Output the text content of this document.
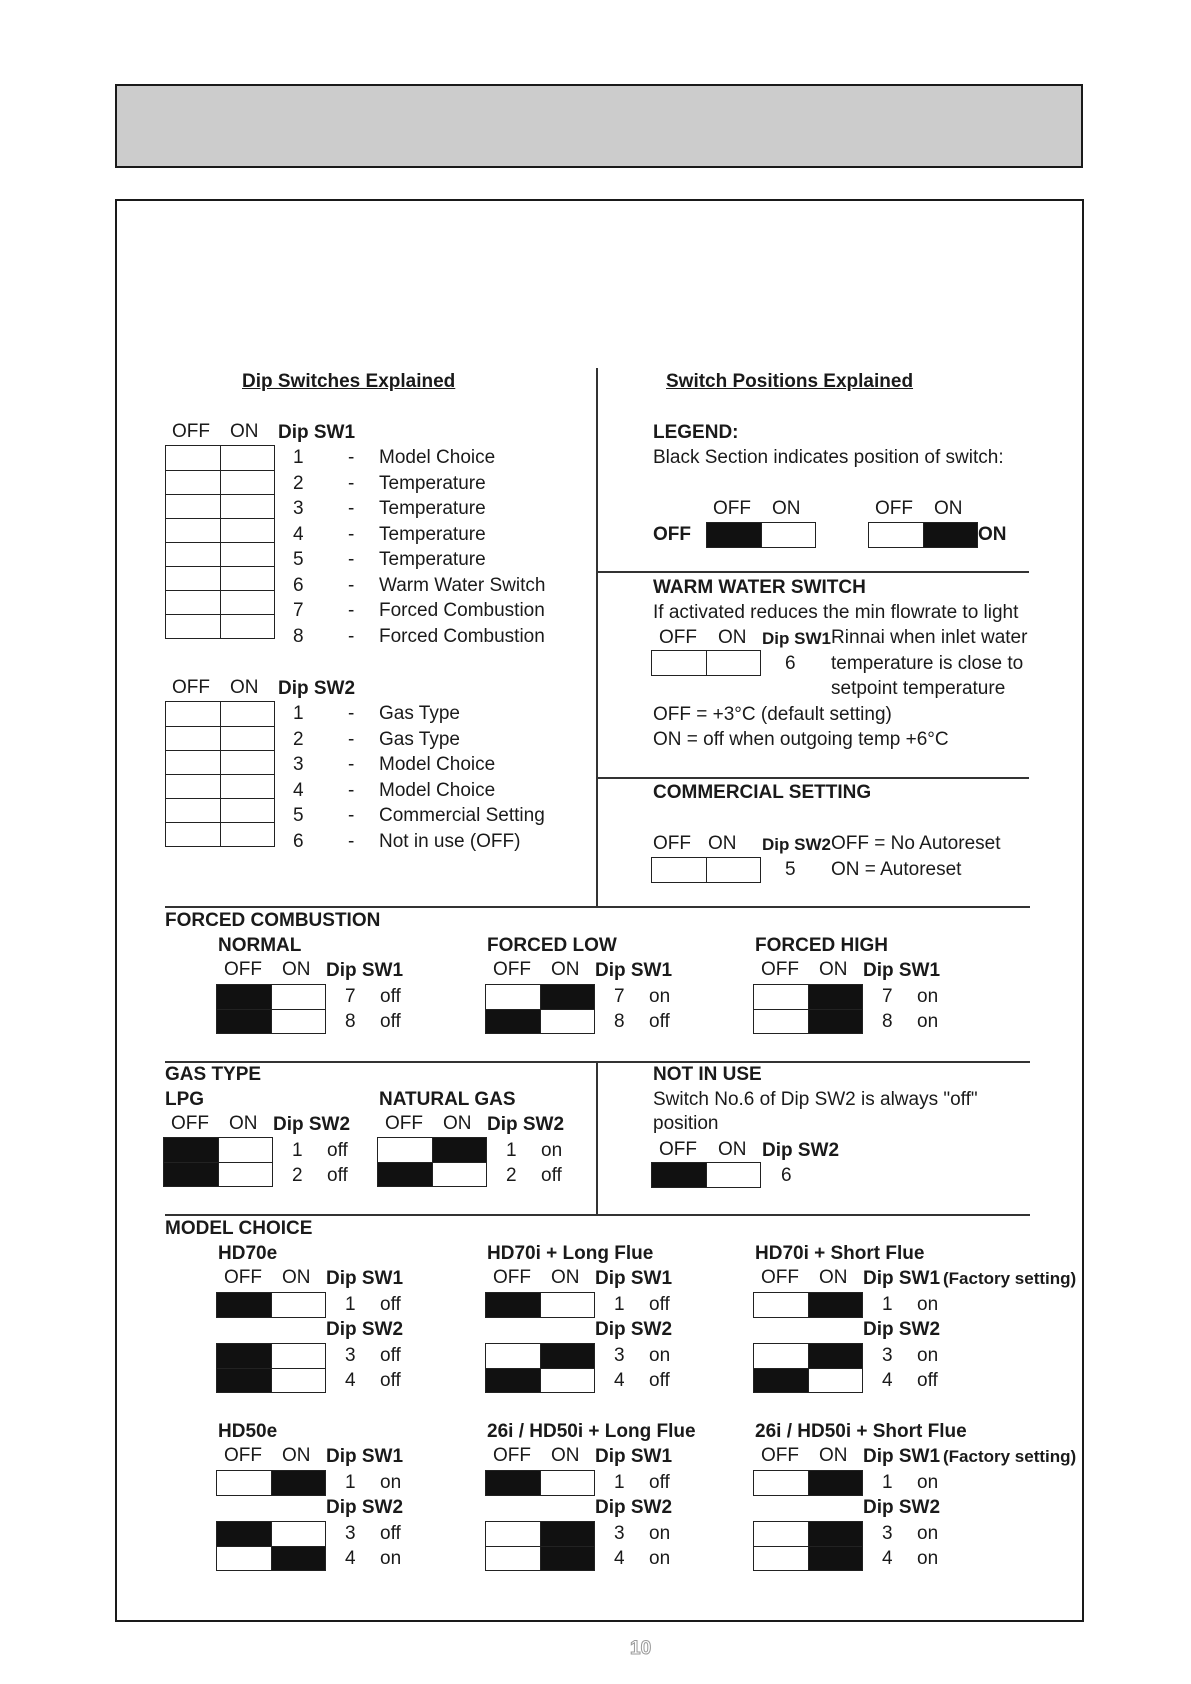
Dip Switches Explained
OFF ON Dip SW1
1 - Model Choice
2 - Temperature
3 - Temperature
4 - Temperature
5 - Temperature
6 - Warm Water Switch
7 - Forced Combustion
8 - Forced Combustion
OFF ON Dip SW2
1 - Gas Type
2 - Gas Type
3 - Model Choice
4 - Model Choice
5 - Commercial Setting
6 - Not in use (OFF)
Switch Positions Explained
LEGEND:
Black Section indicates position of switch:
OFF ON
OFF
OFF ON
ON
WARM WATER SWITCH
If activated reduces the min flowrate to light
OFF ON Dip SW1 Rinnai when inlet water
6 temperature is close to
setpoint temperature
OFF = +3°C (default setting)
ON = off when outgoing temp +6°C
COMMERCIAL SETTING
OFF ON Dip SW2 OFF = No Autoreset
5 ON = Autoreset
FORCED COMBUSTION
NORMAL
OFF ON Dip SW1
7 off
8 off
FORCED LOW
OFF ON Dip SW1
7 on
8 off
FORCED HIGH
OFF ON Dip SW1
7 on
8 on
GAS TYPE
LPG
OFF ON Dip SW2
1 off
2 off
NATURAL GAS
OFF ON Dip SW2
1 on
2 off
NOT IN USE
Switch No.6 of Dip SW2 is always "off"
position
OFF ON Dip SW2
6
MODEL CHOICE
HD70e
OFF ON Dip SW1
1 off
Dip SW2
3 off
4 off
HD70i + Long Flue
OFF ON Dip SW1
1 off
Dip SW2
3 on
4 off
HD70i + Short Flue
OFF ON Dip SW1 (Factory setting)
1 on
Dip SW2
3 on
4 off
HD50e
OFF ON Dip SW1
1 on
Dip SW2
3 off
4 on
26i / HD50i + Long Flue
OFF ON Dip SW1
1 off
Dip SW2
3 on
4 on
26i / HD50i + Short Flue
OFF ON Dip SW1 (Factory setting)
1 on
Dip SW2
3 on
4 on
10
